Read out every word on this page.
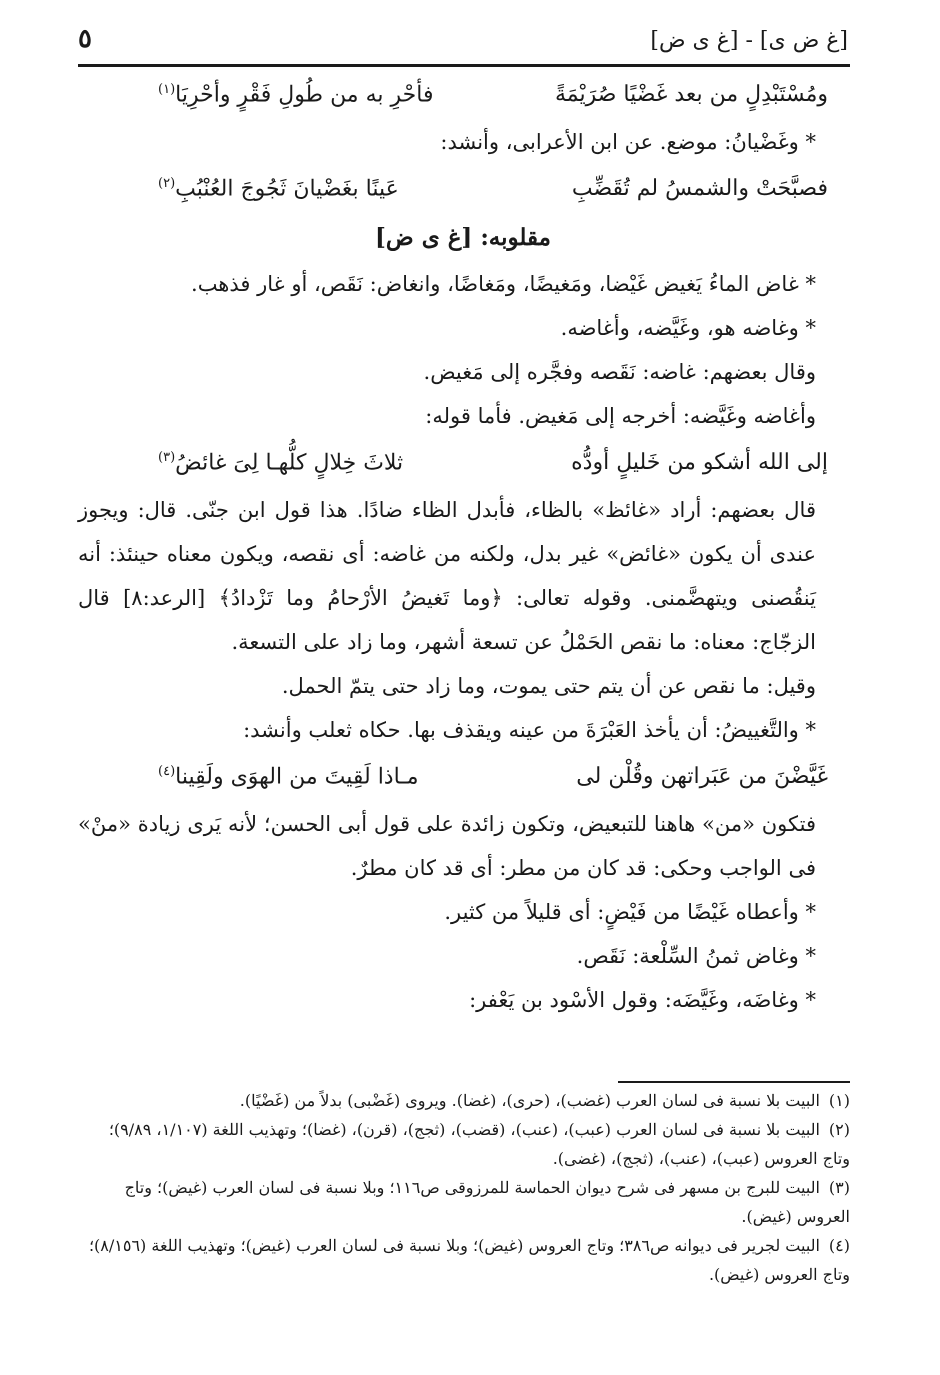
[غ ض ى] - [غ ى ض]
٥
ومُسْتَبْدِلٍ من بعد غَضْيًا صُرَيْمَةً
فأحْرِ به من طُولِ فَقْرٍ وأحْرِيَا$^{(١)}$

* وغَضْيانُ: موضع. عن ابن الأعرابى، وأنشد:

فصبَّحَتْ والشمسُ لم تُقَضِّبِ
عَينًا بغَضْيانَ ثَجُوجَ العُنْبُبِ$^{(٢)}$
مقلوبه: [غ ى ض]

* غاض الماءُ يَغيض غَيْضا، ومَغيضًا، ومَغاضًا، وانغاض: نَقَص، أو غار فذهب.

* وغاضه هو، وغَيَّضه، وأغاضه.

وقال بعضهم: غاضه: نَقَصه وفجَّره إلى مَغيض.

وأغاضه وغَيَّضه: أخرجه إلى مَغيض. فأما قوله:

إلى الله أشكو من خَليلٍ أودُّه
ثلاثَ خِلالٍ كلُّهـا لِىَ غائضُ$^{(٣)}$

قال بعضهم: أراد «غائظ» بالظاء، فأبدل الظاء ضادًا. هذا قول ابن جنّى. قال: ويجوز عندى أن يكون «غائض» غير بدل، ولكنه من غاضه: أى نقصه، ويكون معناه حينئذ: أنه يَنقُصنى ويتهضَّمنى. وقوله تعالى: ﴿وما تَغيضُ الأرْحامُ وما تَزْدادُ﴾ [الرعد:٨] قال الزجّاج: معناه: ما نقص الحَمْلُ عن تسعة أشهر، وما زاد على التسعة.

وقيل: ما نقص عن أن يتم حتى يموت، وما زاد حتى يتمّ الحمل.

* والتَّغييضُ: أن يأخذ العَبْرَةَ من عينه ويقذف بها. حكاه ثعلب وأنشد:

غَيَّضْنَ من عَبَراتهن وقُلْن لى
مـاذا لَقِيتَ من الهوَى ولَقِينا$^{(٤)}$

فتكون «من» هاهنا للتبعيض، وتكون زائدة على قول أبى الحسن؛ لأنه يَرى زيادة «منْ» فى الواجب وحكى: قد كان من مطر: أى قد كان مطرٌ.

* وأعطاه غَيْضًا من فَيْضٍ: أى قليلاً من كثير.

* وغاض ثمنُ السِّلْعة: نَقَص.

* وغاضَه، وغَيَّضَه: وقول الأسْود بن يَعْفر:

(١)البيت بلا نسبة فى لسان العرب (غضب)، (حرى)، (غضا). ويروى (غَضْبى) بدلاً من (غَضْيًا).

(٢)البيت بلا نسبة فى لسان العرب (عبب)، (عنب)، (قضب)، (ثجج)، (قرن)، (غضا)؛ وتهذيب اللغة (١/١٠٧، ٩/٨٩)؛ وتاج العروس (عبب)، (عنب)، (ثجج)، (غضى).

(٣)البيت للبرج بن مسهر فى شرح ديوان الحماسة للمرزوقى ص١١٦؛ وبلا نسبة فى لسان العرب (غيض)؛ وتاج العروس (غيض).

(٤)البيت لجرير فى ديوانه ص٣٨٦؛ وتاج العروس (غيض)؛ وبلا نسبة فى لسان العرب (غيض)؛ وتهذيب اللغة (٨/١٥٦)؛ وتاج العروس (غيض).
